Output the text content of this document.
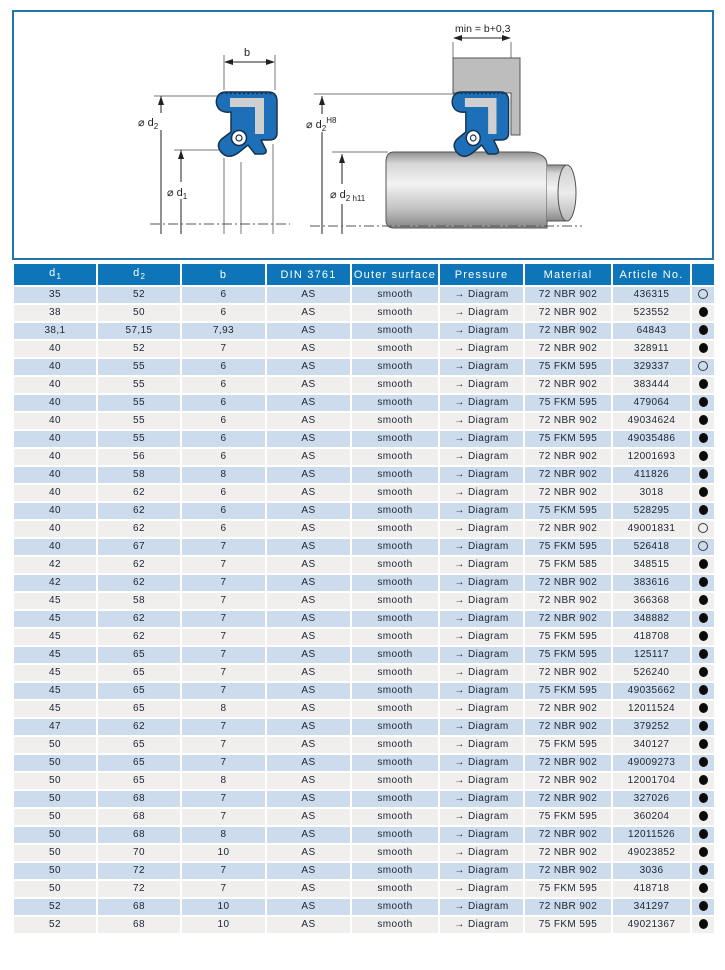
b
⌀ $d_2$
⌀ $d_1$
min = b+0,3
⌀ $d_2^{H8}$
⌀ $d_2$ h11
$d_1$	$d_2$	b	DIN 3761	Outer surface	Pressure	Material	Article No.	
35	52	6	AS	smooth	→ Diagram	72 NBR 902	436315	
38	50	6	AS	smooth	→ Diagram	72 NBR 902	523552	
38,1	57,15	7,93	AS	smooth	→ Diagram	72 NBR 902	64843	
40	52	7	AS	smooth	→ Diagram	72 NBR 902	328911	
40	55	6	AS	smooth	→ Diagram	75 FKM 595	329337	
40	55	6	AS	smooth	→ Diagram	72 NBR 902	383444	
40	55	6	AS	smooth	→ Diagram	75 FKM 595	479064	
40	55	6	AS	smooth	→ Diagram	72 NBR 902	49034624	
40	55	6	AS	smooth	→ Diagram	75 FKM 595	49035486	
40	56	6	AS	smooth	→ Diagram	72 NBR 902	12001693	
40	58	8	AS	smooth	→ Diagram	72 NBR 902	411826	
40	62	6	AS	smooth	→ Diagram	72 NBR 902	3018	
40	62	6	AS	smooth	→ Diagram	75 FKM 595	528295	
40	62	6	AS	smooth	→ Diagram	72 NBR 902	49001831	
40	67	7	AS	smooth	→ Diagram	75 FKM 595	526418	
42	62	7	AS	smooth	→ Diagram	75 FKM 585	348515	
42	62	7	AS	smooth	→ Diagram	72 NBR 902	383616	
45	58	7	AS	smooth	→ Diagram	72 NBR 902	366368	
45	62	7	AS	smooth	→ Diagram	72 NBR 902	348882	
45	62	7	AS	smooth	→ Diagram	75 FKM 595	418708	
45	65	7	AS	smooth	→ Diagram	75 FKM 595	125117	
45	65	7	AS	smooth	→ Diagram	72 NBR 902	526240	
45	65	7	AS	smooth	→ Diagram	75 FKM 595	49035662	
45	65	8	AS	smooth	→ Diagram	72 NBR 902	12011524	
47	62	7	AS	smooth	→ Diagram	72 NBR 902	379252	
50	65	7	AS	smooth	→ Diagram	75 FKM 595	340127	
50	65	7	AS	smooth	→ Diagram	72 NBR 902	49009273	
50	65	8	AS	smooth	→ Diagram	72 NBR 902	12001704	
50	68	7	AS	smooth	→ Diagram	72 NBR 902	327026	
50	68	7	AS	smooth	→ Diagram	75 FKM 595	360204	
50	68	8	AS	smooth	→ Diagram	72 NBR 902	12011526	
50	70	10	AS	smooth	→ Diagram	72 NBR 902	49023852	
50	72	7	AS	smooth	→ Diagram	72 NBR 902	3036	
50	72	7	AS	smooth	→ Diagram	75 FKM 595	418718	
52	68	10	AS	smooth	→ Diagram	72 NBR 902	341297	
52	68	10	AS	smooth	→ Diagram	75 FKM 595	49021367	
